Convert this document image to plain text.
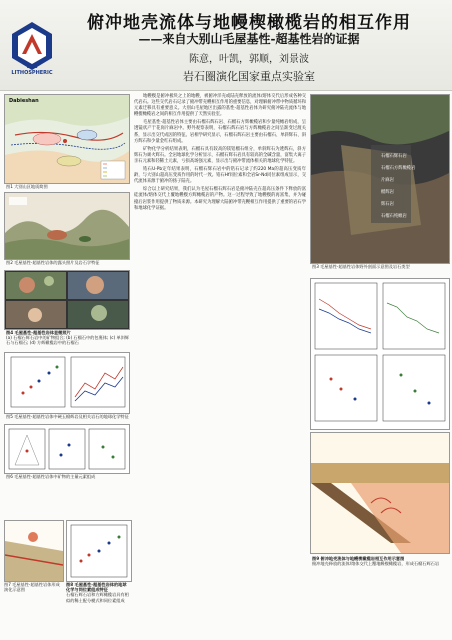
SKL LITHOSPHERIC
俯冲地壳流体与地幔楔橄榄岩的相互作用
——来自大别山毛屋基性-超基性岩的证据
陈意，叶凯，郭顺，刘景波
岩石圈演化国家重点实验室
Dabieshan
图1 大别山区地质简图
图2 毛屋基性-超基性岩体的露头照片及岩石学特征
图4 毛屋基性-超基性岩体显微照片
(a) 石榴石辉石岩中的矿物组合; (b) 石榴石中的包裹体; (c) 单斜辉石与石榴石; (d) 方辉橄榄岩中的石榴石
图5 毛屋基性-超基性岩体中硬玉榴辉岩及相关岩石的地球化学特征
图6 毛屋基性-超基性岩体中矿物的主量元素组成
图7 毛屋基性-超基性岩体形成演化示意图
图8 毛屋基性-超基性岩体的地球化学与同位素组成特征
石榴石辉石岩和方辉橄榄岩具有相似的稀土配分模式和同位素组成

地幔楔是俯冲板块之上的地幔，被俯冲洋壳或陆壳释放的流体/熔体交代后形成各种交代岩石。这些交代岩石记录了俯冲带壳幔相互作用的重要信息，对理解俯冲带中物质循环和元素迁移具有重要意义。大别山毛屋地区出露的基性-超基性岩体为研究俯冲陆壳流体与地幔楔橄榄岩之间的相互作用提供了天然实验室。

毛屋基性-超基性岩体主要由石榴石辉石岩、石榴石方辉橄榄岩和少量纯橄岩组成，呈透镜状产于花岗片麻岩中。野外观察表明，石榴石辉石岩与方辉橄榄岩之间呈渐变过渡关系，显示出交代成因的特征。岩相学研究显示，石榴石辉石岩主要由石榴石、单斜辉石、斜方辉石和少量金红石组成。

矿物化学分析结果表明，石榴石具有较高的镁铝榴石组分，单斜辉石为透辉石，斜方辉石为顽火辉石。全岩地球化学分析显示，石榴石辉石岩具有较高的全碱含量，富集大离子亲石元素和轻稀土元素，亏损高场强元素，显示出与俯冲带流体相关的地球化学特征。

锆石U-Pb定年结果表明，石榴石辉石岩中的锆石记录了约220 Ma的超高压变质年龄，与大别山超高压变质作用的时代一致。锆石Hf同位素和全岩Sr-Nd同位素组成显示，交代流体来源于俯冲的扬子陆壳。

综合以上研究结果，我们认为毛屋石榴石辉石岩是俯冲陆壳在超高压条件下释放的富硅流体/熔体交代上覆地幔楔方辉橄榄岩的产物。这一过程导致了地幔楔的再富集，并为碰撞后岩浆作用提供了物质来源。本研究为理解大陆俯冲带壳幔相互作用提供了重要的岩石学和地球化学证据。

石榴石辉石岩
石榴石方辉橄榄岩
片麻岩
榴辉岩
辉石岩
石榴石纯橄岩
图3 毛屋基性-超基性岩体野外剖面示意图及岩石类型
图9 俯冲地壳流体与地幔楔橄榄岩相互作用示意图
俯冲地壳释放的流体/熔体交代上覆地幔楔橄榄岩，形成石榴石辉石岩
